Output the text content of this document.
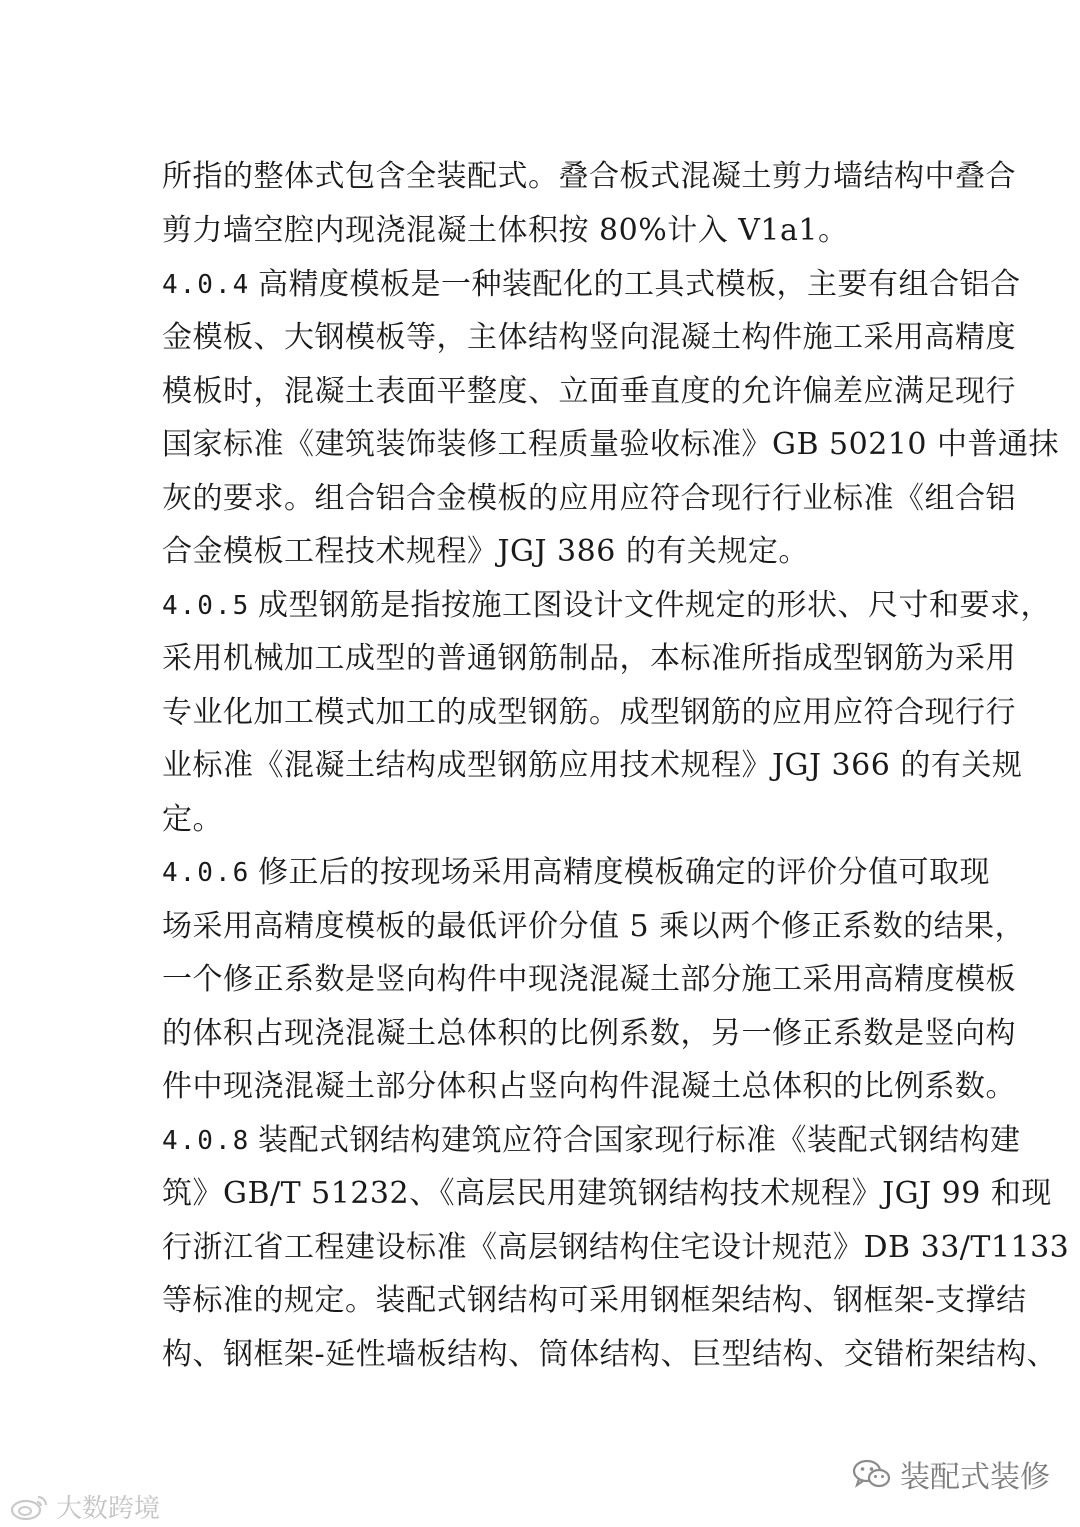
所指的整体式包含全装配式。叠合板式混凝土剪力墙结构中叠合
剪力墙空腔内现浇混凝土体积按 80%计入 V1a1。
4.0.4 高精度模板是一种装配化的工具式模板，主要有组合铝合
金模板、大钢模板等，主体结构竖向混凝土构件施工采用高精度
模板时，混凝土表面平整度、立面垂直度的允许偏差应满足现行
国家标准《建筑装饰装修工程质量验收标准》GB 50210 中普通抹
灰的要求。组合铝合金模板的应用应符合现行行业标准《组合铝
合金模板工程技术规程》JGJ 386 的有关规定。
4.0.5 成型钢筋是指按施工图设计文件规定的形状、尺寸和要求，
采用机械加工成型的普通钢筋制品，本标准所指成型钢筋为采用
专业化加工模式加工的成型钢筋。成型钢筋的应用应符合现行行
业标准《混凝土结构成型钢筋应用技术规程》JGJ 366 的有关规
定。
4.0.6 修正后的按现场采用高精度模板确定的评价分值可取现
场采用高精度模板的最低评价分值 5 乘以两个修正系数的结果，
一个修正系数是竖向构件中现浇混凝土部分施工采用高精度模板
的体积占现浇混凝土总体积的比例系数，另一修正系数是竖向构
件中现浇混凝土部分体积占竖向构件混凝土总体积的比例系数。
4.0.8 装配式钢结构建筑应符合国家现行标准《装配式钢结构建
筑》GB/T 51232、《高层民用建筑钢结构技术规程》JGJ 99 和现
行浙江省工程建设标准《高层钢结构住宅设计规范》DB 33/T1133
等标准的规定。装配式钢结构可采用钢框架结构、钢框架-支撑结
构、钢框架-延性墙板结构、筒体结构、巨型结构、交错桁架结构、
装配式装修
大数跨境
